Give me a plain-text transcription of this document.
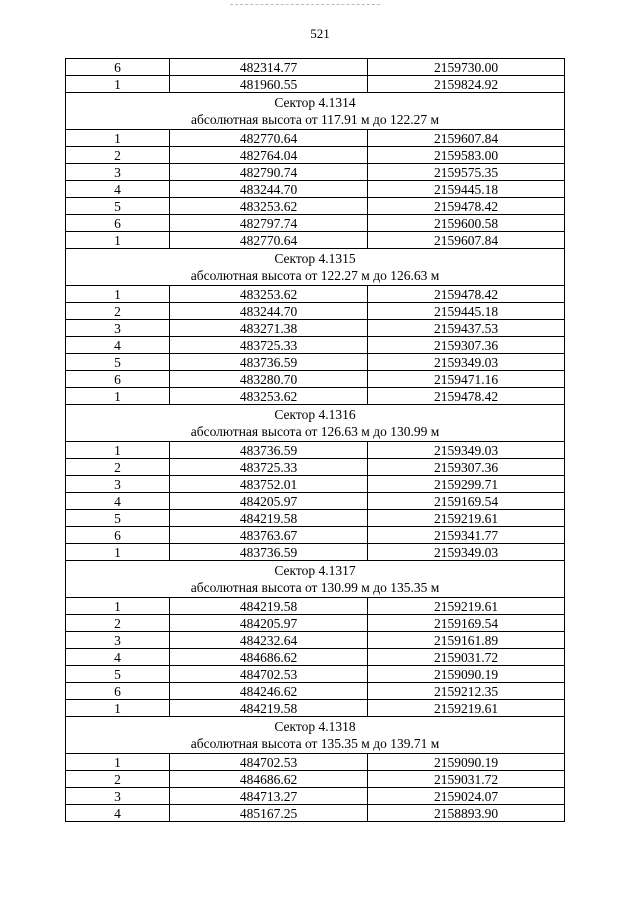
521
6	482314.77	2159730.00
1	481960.55	2159824.92

Сектор 4.1314
абсолютная высота от 117.91 м до 122.27 м		

1	482770.64	2159607.84
2	482764.04	2159583.00
3	482790.74	2159575.35
4	483244.70	2159445.18
5	483253.62	2159478.42
6	482797.74	2159600.58
1	482770.64	2159607.84

Сектор 4.1315
абсолютная высота от 122.27 м до 126.63 м		

1	483253.62	2159478.42
2	483244.70	2159445.18
3	483271.38	2159437.53
4	483725.33	2159307.36
5	483736.59	2159349.03
6	483280.70	2159471.16
1	483253.62	2159478.42

Сектор 4.1316
абсолютная высота от 126.63 м до 130.99 м		

1	483736.59	2159349.03
2	483725.33	2159307.36
3	483752.01	2159299.71
4	484205.97	2159169.54
5	484219.58	2159219.61
6	483763.67	2159341.77
1	483736.59	2159349.03

Сектор 4.1317
абсолютная высота от 130.99 м до 135.35 м		

1	484219.58	2159219.61
2	484205.97	2159169.54
3	484232.64	2159161.89
4	484686.62	2159031.72
5	484702.53	2159090.19
6	484246.62	2159212.35
1	484219.58	2159219.61

Сектор 4.1318
абсолютная высота от 135.35 м до 139.71 м		

1	484702.53	2159090.19
2	484686.62	2159031.72
3	484713.27	2159024.07
4	485167.25	2158893.90
